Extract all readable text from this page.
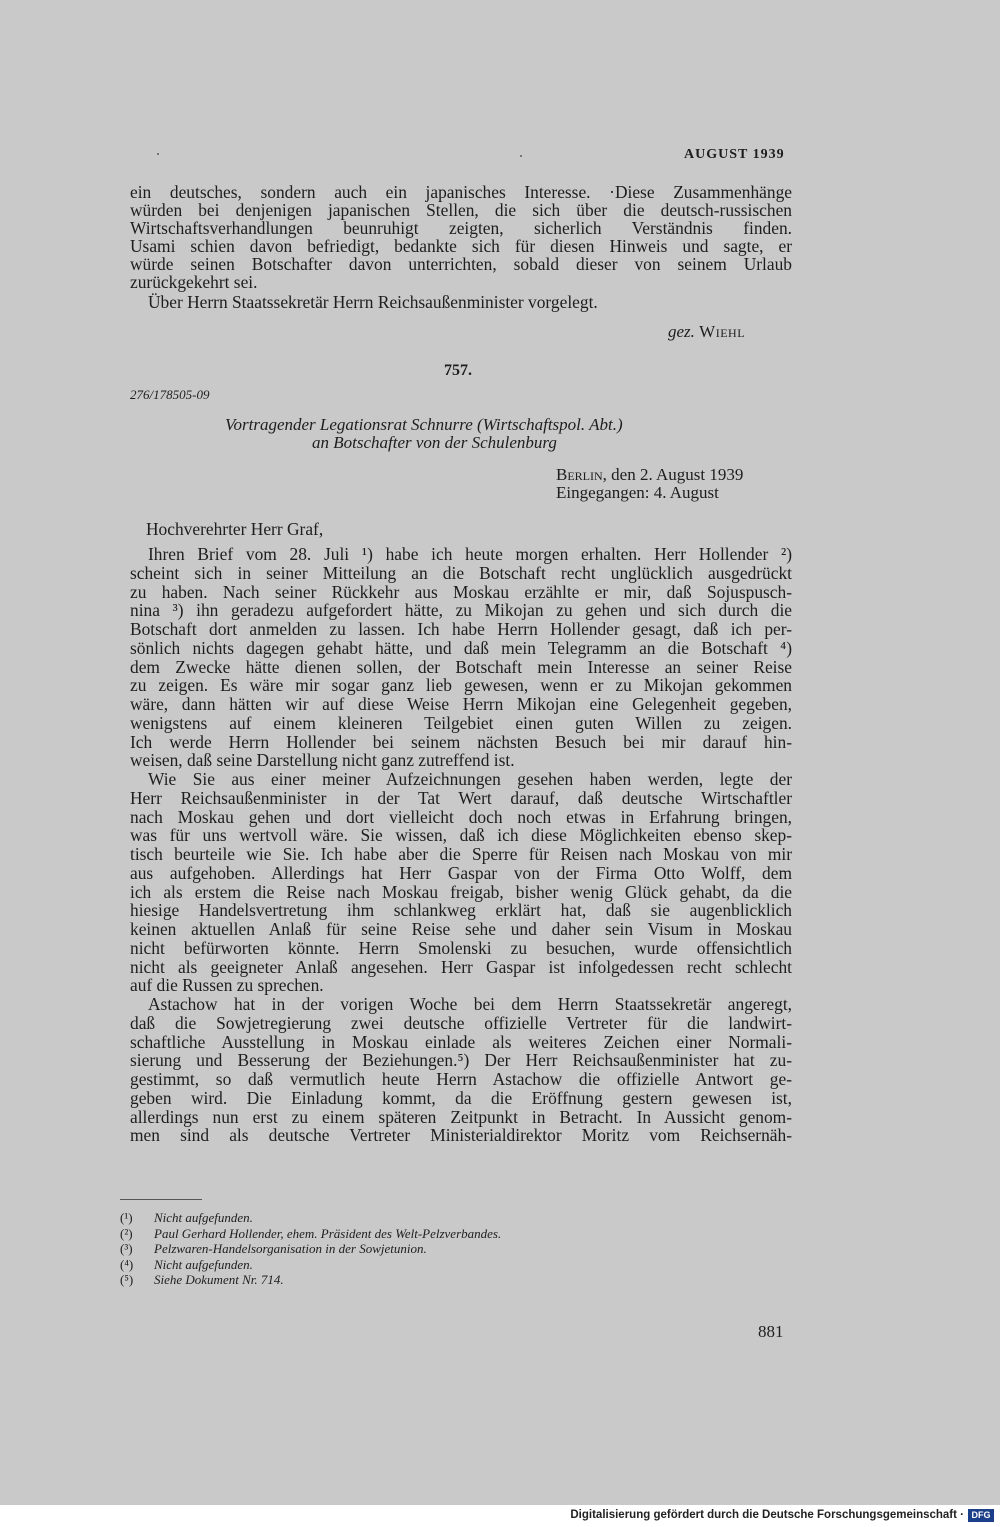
AUGUST 1939
ein deutsches, sondern auch ein japanisches Interesse. ·Diese Zusammenhänge
würden bei denjenigen japanischen Stellen, die sich über die deutsch-russischen
Wirtschaftsverhandlungen beunruhigt zeigten, sicherlich Verständnis finden.
Usami schien davon befriedigt, bedankte sich für diesen Hinweis und sagte, er
würde seinen Botschafter davon unterrichten, sobald dieser von seinem Urlaub
zurückgekehrt sei.
Über Herrn Staatssekretär Herrn Reichsaußenminister vorgelegt.
gez. Wiehl
757.
276/178505-09
Vortragender Legationsrat Schnurre (Wirtschaftspol. Abt.)
an Botschafter von der Schulenburg
Berlin, den 2. August 1939
Eingegangen: 4. August
Hochverehrter Herr Graf,
Ihren Brief vom 28. Juli ¹) habe ich heute morgen erhalten. Herr Hollender ²)
scheint sich in seiner Mitteilung an die Botschaft recht unglücklich ausgedrückt
zu haben. Nach seiner Rückkehr aus Moskau erzählte er mir, daß Sojuspusch-
nina ³) ihn geradezu aufgefordert hätte, zu Mikojan zu gehen und sich durch die
Botschaft dort anmelden zu lassen. Ich habe Herrn Hollender gesagt, daß ich per-
sönlich nichts dagegen gehabt hätte, und daß mein Telegramm an die Botschaft ⁴)
dem Zwecke hätte dienen sollen, der Botschaft mein Interesse an seiner Reise
zu zeigen. Es wäre mir sogar ganz lieb gewesen, wenn er zu Mikojan gekommen
wäre, dann hätten wir auf diese Weise Herrn Mikojan eine Gelegenheit gegeben,
wenigstens auf einem kleineren Teilgebiet einen guten Willen zu zeigen.
Ich werde Herrn Hollender bei seinem nächsten Besuch bei mir darauf hin-
weisen, daß seine Darstellung nicht ganz zutreffend ist.
Wie Sie aus einer meiner Aufzeichnungen gesehen haben werden, legte der
Herr Reichsaußenminister in der Tat Wert darauf, daß deutsche Wirtschaftler
nach Moskau gehen und dort vielleicht doch noch etwas in Erfahrung bringen,
was für uns wertvoll wäre. Sie wissen, daß ich diese Möglichkeiten ebenso skep-
tisch beurteile wie Sie. Ich habe aber die Sperre für Reisen nach Moskau von mir
aus aufgehoben. Allerdings hat Herr Gaspar von der Firma Otto Wolff, dem
ich als erstem die Reise nach Moskau freigab, bisher wenig Glück gehabt, da die
hiesige Handelsvertretung ihm schlankweg erklärt hat, daß sie augenblicklich
keinen aktuellen Anlaß für seine Reise sehe und daher sein Visum in Moskau
nicht befürworten könnte. Herrn Smolenski zu besuchen, wurde offensichtlich
nicht als geeigneter Anlaß angesehen. Herr Gaspar ist infolgedessen recht schlecht
auf die Russen zu sprechen.
Astachow hat in der vorigen Woche bei dem Herrn Staatssekretär angeregt,
daß die Sowjetregierung zwei deutsche offizielle Vertreter für die landwirt-
schaftliche Ausstellung in Moskau einlade als weiteres Zeichen einer Normali-
sierung und Besserung der Beziehungen.⁵) Der Herr Reichsaußenminister hat zu-
gestimmt, so daß vermutlich heute Herrn Astachow die offizielle Antwort ge-
geben wird. Die Einladung kommt, da die Eröffnung gestern gewesen ist,
allerdings nun erst zu einem späteren Zeitpunkt in Betracht. In Aussicht genom-
men sind als deutsche Vertreter Ministerialdirektor Moritz vom Reichsernäh-
(¹) Nicht aufgefunden.
(²) Paul Gerhard Hollender, ehem. Präsident des Welt-Pelzverbandes.
(³) Pelzwaren-Handelsorganisation in der Sowjetunion.
(⁴) Nicht aufgefunden.
(⁵) Siehe Dokument Nr. 714.
881
Digitalisierung gefördert durch die Deutsche Forschungsgemeinschaft · DFG
